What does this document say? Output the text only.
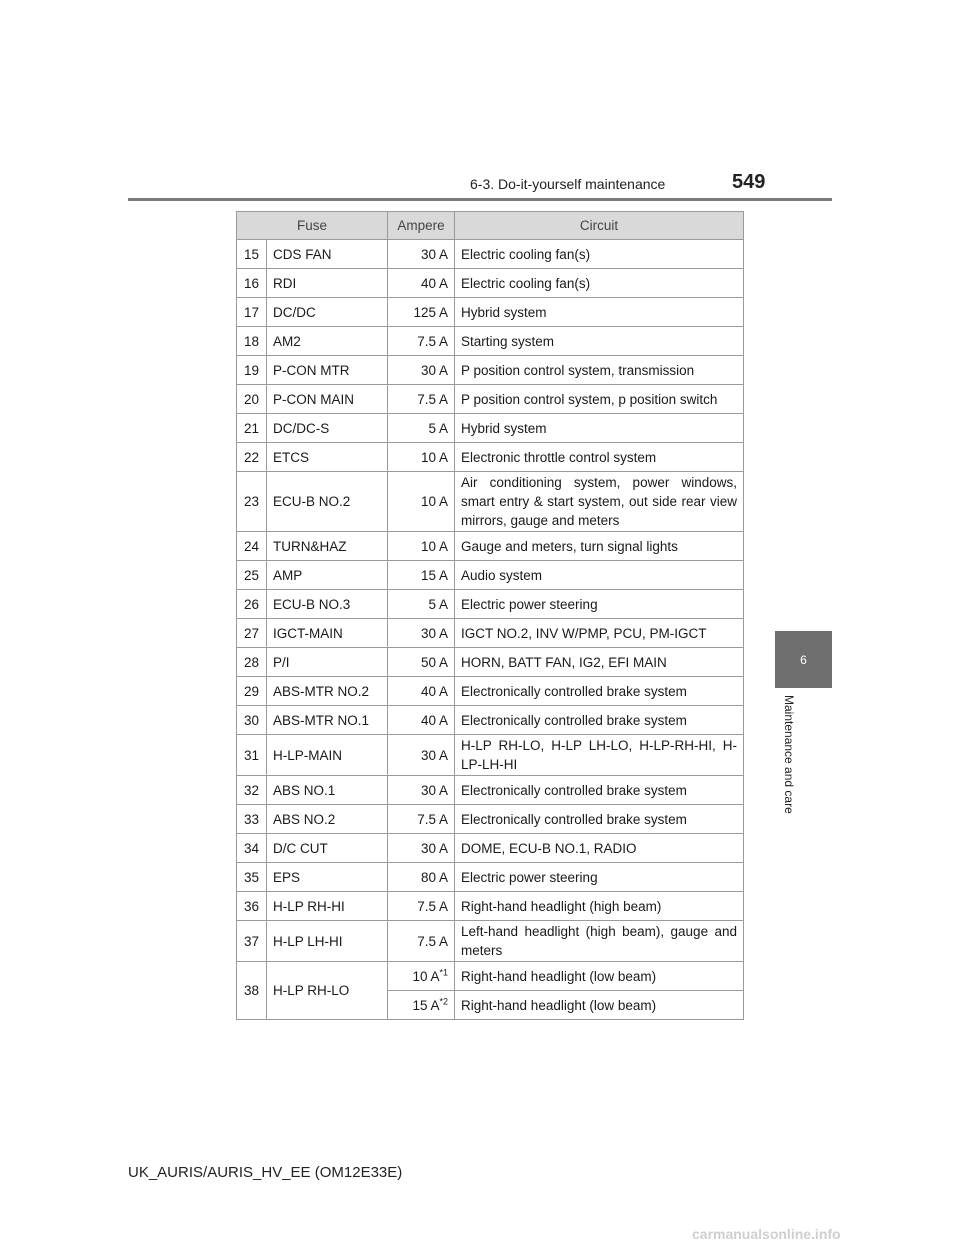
6-3. Do-it-yourself maintenance	549
6
Maintenance and care
Fuse		Ampere	Circuit
15	CDS FAN	30 A	Electric cooling fan(s)
16	RDI	40 A	Electric cooling fan(s)
17	DC/DC	125 A	Hybrid system
18	AM2	7.5 A	Starting system
19	P-CON MTR	30 A	P position control system, transmission
20	P-CON MAIN	7.5 A	P position control system, p position switch
21	DC/DC-S	5 A	Hybrid system
22	ETCS	10 A	Electronic throttle control system
23	ECU-B NO.2	10 A	Air conditioning system, power windows, smart entry & start system, out side rear view mirrors, gauge and meters
24	TURN&HAZ	10 A	Gauge and meters, turn signal lights
25	AMP	15 A	Audio system
26	ECU-B NO.3	5 A	Electric power steering
27	IGCT-MAIN	30 A	IGCT NO.2, INV W/PMP, PCU, PM-IGCT
28	P/I	50 A	HORN, BATT FAN, IG2, EFI MAIN
29	ABS-MTR NO.2	40 A	Electronically controlled brake system
30	ABS-MTR NO.1	40 A	Electronically controlled brake system
31	H-LP-MAIN	30 A	H-LP RH-LO, H-LP LH-LO, H-LP-RH-HI, H-LP-LH-HI
32	ABS NO.1	30 A	Electronically controlled brake system
33	ABS NO.2	7.5 A	Electronically controlled brake system
34	D/C CUT	30 A	DOME, ECU-B NO.1, RADIO
35	EPS	80 A	Electric power steering
36	H-LP RH-HI	7.5 A	Right-hand headlight (high beam)
37	H-LP LH-HI	7.5 A	Left-hand headlight (high beam), gauge and meters
38	H-LP RH-LO	10 $A^{*1}$	Right-hand headlight (low beam)
		15 $A^{*2}$	Right-hand headlight (low beam)
UK_AURIS/AURIS_HV_EE (OM12E33E)
carmanualsonline.info
